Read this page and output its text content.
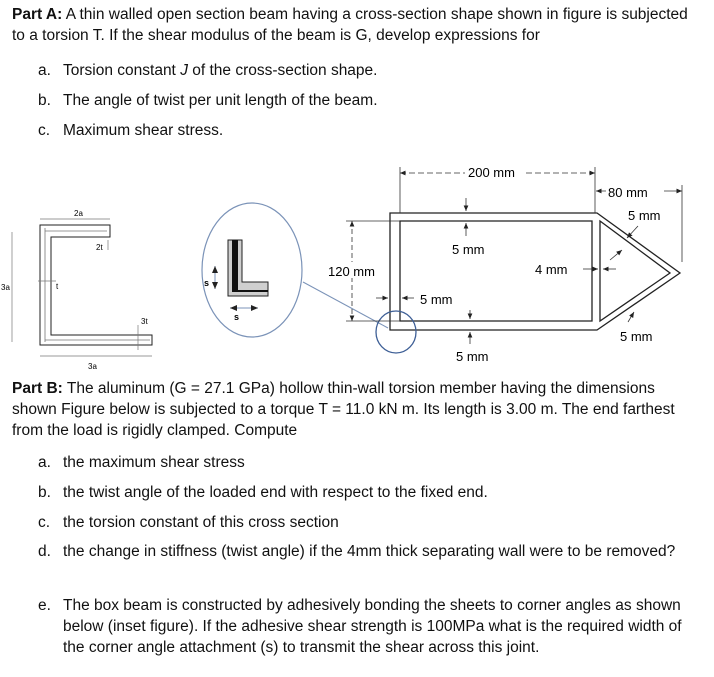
Part A: A thin walled open section beam having a cross-section shape shown in figure is subjected to a torsion T. If the shear modulus of the beam is G, develop expressions for

a. Torsion constant J of the cross-section shape.
b. The angle of twist per unit length of the beam.
c. Maximum shear stress.
2a
2t
t
3a
3t
3a
s
s
200 mm
80 mm
5 mm
5 mm
120 mm	4 mm
5 mm
5 mm
5 mm

Part B: The aluminum (G = 27.1 GPa) hollow thin-wall torsion member having the dimensions shown Figure below is subjected to a torque T = 11.0 kN m. Its length is 3.00 m. The end farthest from the load is rigidly clamped. Compute

a. the maximum shear stress
b. the twist angle of the loaded end with respect to the fixed end.
c. the torsion constant of this cross section
d. the change in stiffness (twist angle) if the 4mm thick separating wall were to be removed?
e. The box beam is constructed by adhesively bonding the sheets to corner angles as shown below (inset figure). If the adhesive shear strength is 100MPa what is the required width of the corner angle attachment (s) to transmit the shear across this joint.
